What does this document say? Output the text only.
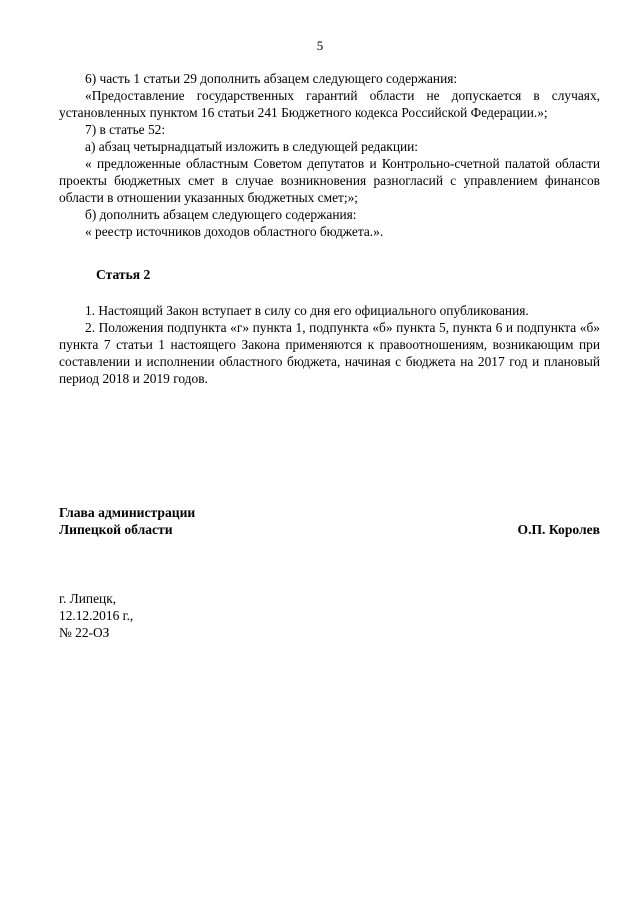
5

6) часть 1 статьи 29 дополнить абзацем следующего содержания:

«Предоставление государственных гарантий области не допускается в случаях, установленных пунктом 16 статьи 241 Бюджетного кодекса Российской Федерации.»;

7) в статье 52:

а) абзац четырнадцатый изложить в следующей редакции:

« предложенные областным Советом депутатов и Контрольно-счетной палатой области проекты бюджетных смет в случае возникновения разногласий с управлением финансов области в отношении указанных бюджетных смет;»;

б) дополнить абзацем следующего содержания:

« реестр источников доходов областного бюджета.».

Статья 2

1. Настоящий Закон вступает в силу со дня его официального опубликования.

2. Положения подпункта «г» пункта 1, подпункта «б» пункта 5, пункта 6 и подпункта «б» пункта 7 статьи 1 настоящего Закона применяются к правоотношениям, возникающим при составлении и исполнении областного бюджета, начиная с бюджета на 2017 год и плановый период 2018 и 2019 годов.

Глава администрации
Липецкой области	О.П. Королев
г. Липецк,
12.12.2016 г.,
№ 22-ОЗ
